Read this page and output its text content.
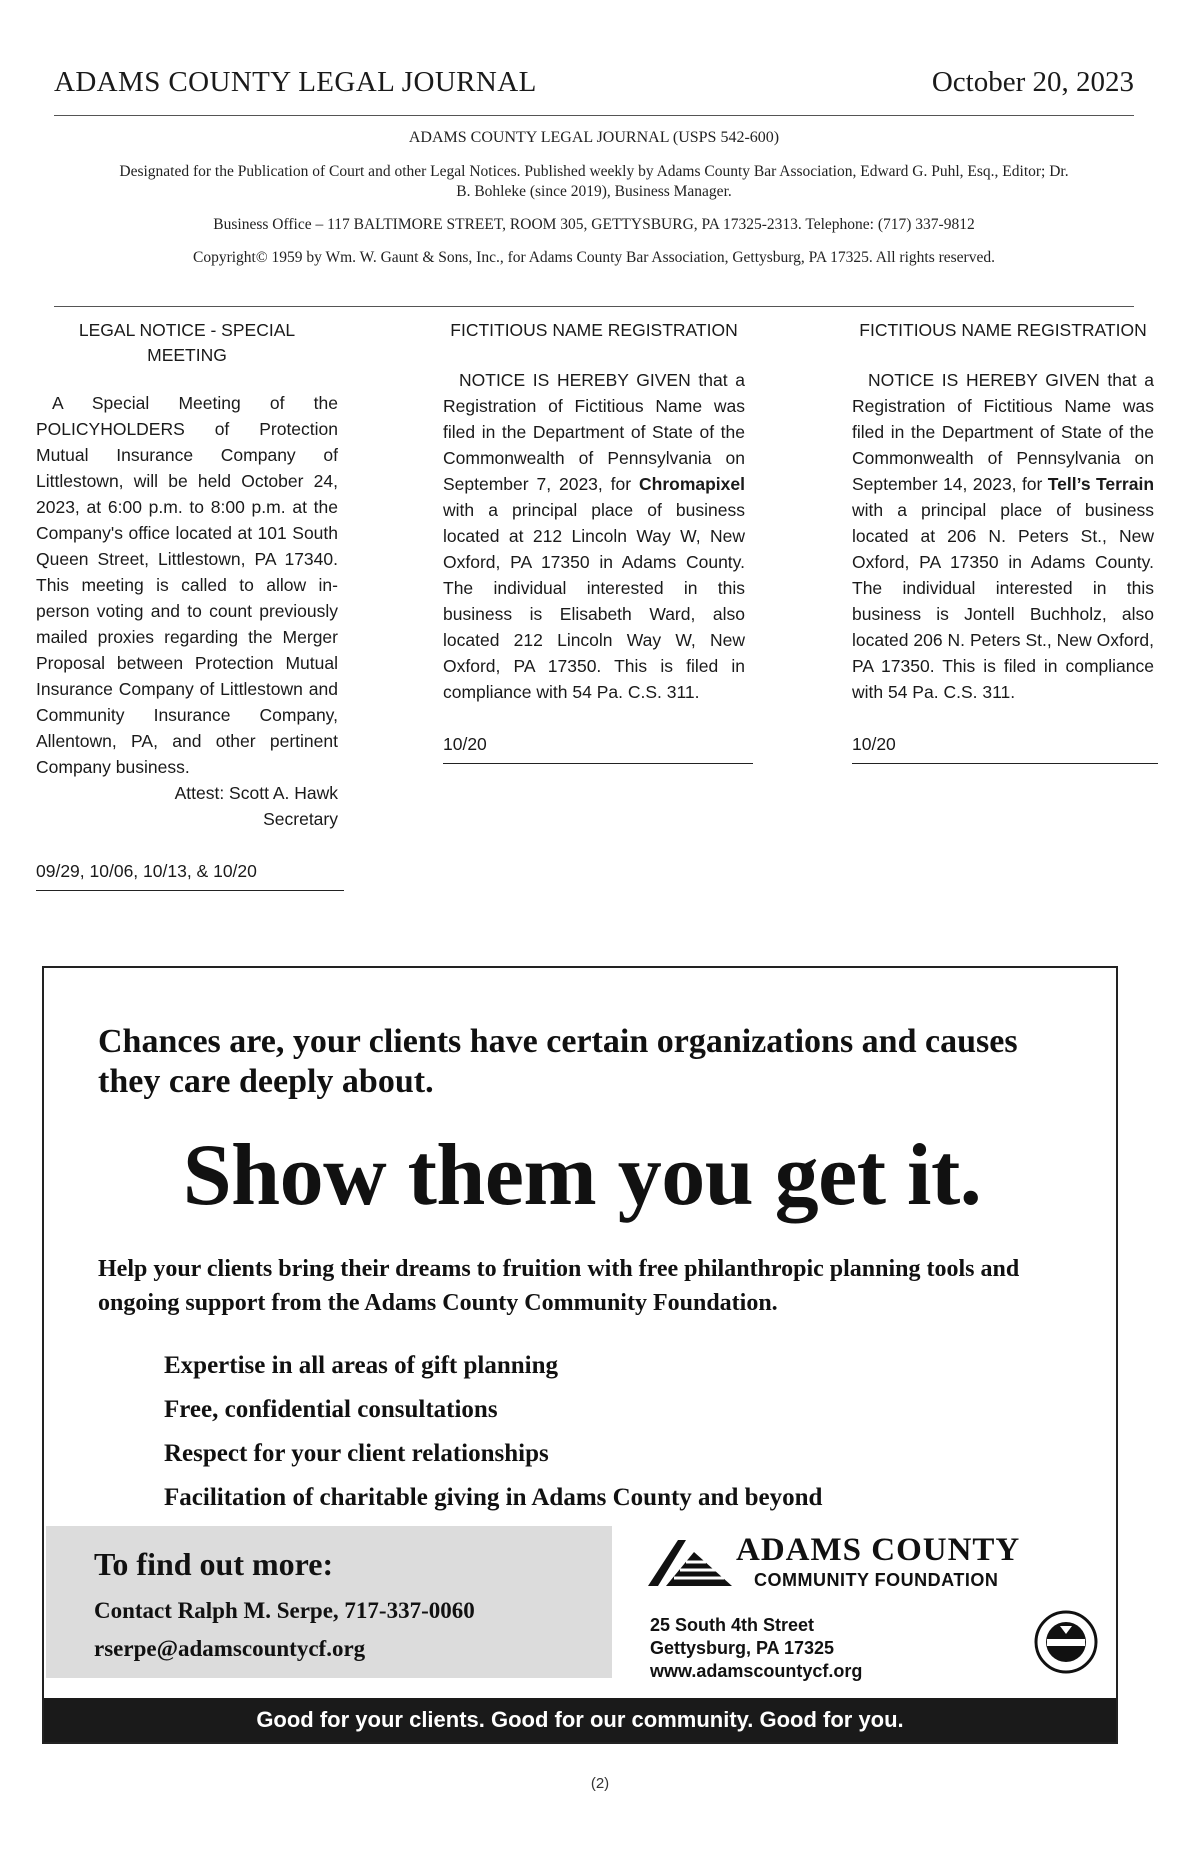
ADAMS COUNTY LEGAL JOURNAL	October 20, 2023
ADAMS COUNTY LEGAL JOURNAL (USPS 542-600)
Designated for the Publication of Court and other Legal Notices. Published weekly by Adams County Bar Association, Edward G. Puhl, Esq., Editor; Dr. B. Bohleke (since 2019), Business Manager.
Business Office – 117 BALTIMORE STREET, ROOM 305, GETTYSBURG, PA 17325-2313. Telephone: (717) 337-9812
Copyright© 1959 by Wm. W. Gaunt & Sons, Inc., for Adams County Bar Association, Gettysburg, PA 17325. All rights reserved.
LEGAL NOTICE - SPECIAL MEETING

A Special Meeting of the POLICYHOLDERS of Protection Mutual Insurance Company of Littlestown, will be held October 24, 2023, at 6:00 p.m. to 8:00 p.m. at the Company's office located at 101 South Queen Street, Littlestown, PA 17340. This meeting is called to allow in-person voting and to count previously mailed proxies regarding the Merger Proposal between Protection Mutual Insurance Company of Littlestown and Community Insurance Company, Allentown, PA, and other pertinent Company business.

Attest: Scott A. Hawk
Secretary
09/29, 10/06, 10/13, & 10/20
FICTITIOUS NAME REGISTRATION

NOTICE IS HEREBY GIVEN that a Registration of Fictitious Name was filed in the Department of State of the Commonwealth of Pennsylvania on September 7, 2023, for Chromapixel with a principal place of business located at 212 Lincoln Way W, New Oxford, PA 17350 in Adams County. The individual interested in this business is Elisabeth Ward, also located 212 Lincoln Way W, New Oxford, PA 17350. This is filed in compliance with 54 Pa. C.S. 311.

10/20
FICTITIOUS NAME REGISTRATION

NOTICE IS HEREBY GIVEN that a Registration of Fictitious Name was filed in the Department of State of the Commonwealth of Pennsylvania on September 14, 2023, for Tell’s Terrain with a principal place of business located at 206 N. Peters St., New Oxford, PA 17350 in Adams County. The individual interested in this business is Jontell Buchholz, also located 206 N. Peters St., New Oxford, PA 17350. This is filed in compliance with 54 Pa. C.S. 311.

10/20
Chances are, your clients have certain organizations and causes they care deeply about.
Show them you get it.
Help your clients bring their dreams to fruition with free philanthropic planning tools and ongoing support from the Adams County Community Foundation.
Expertise in all areas of gift planning
Free, confidential consultations
Respect for your client relationships
Facilitation of charitable giving in Adams County and beyond
To find out more:
Contact Ralph M. Serpe, 717-337-0060
rserpe@adamscountycf.org
ADAMS COUNTY
COMMUNITY FOUNDATION
25 South 4th Street
Gettysburg, PA 17325
www.adamscountycf.org
Good for your clients. Good for our community. Good for you.
(2)
